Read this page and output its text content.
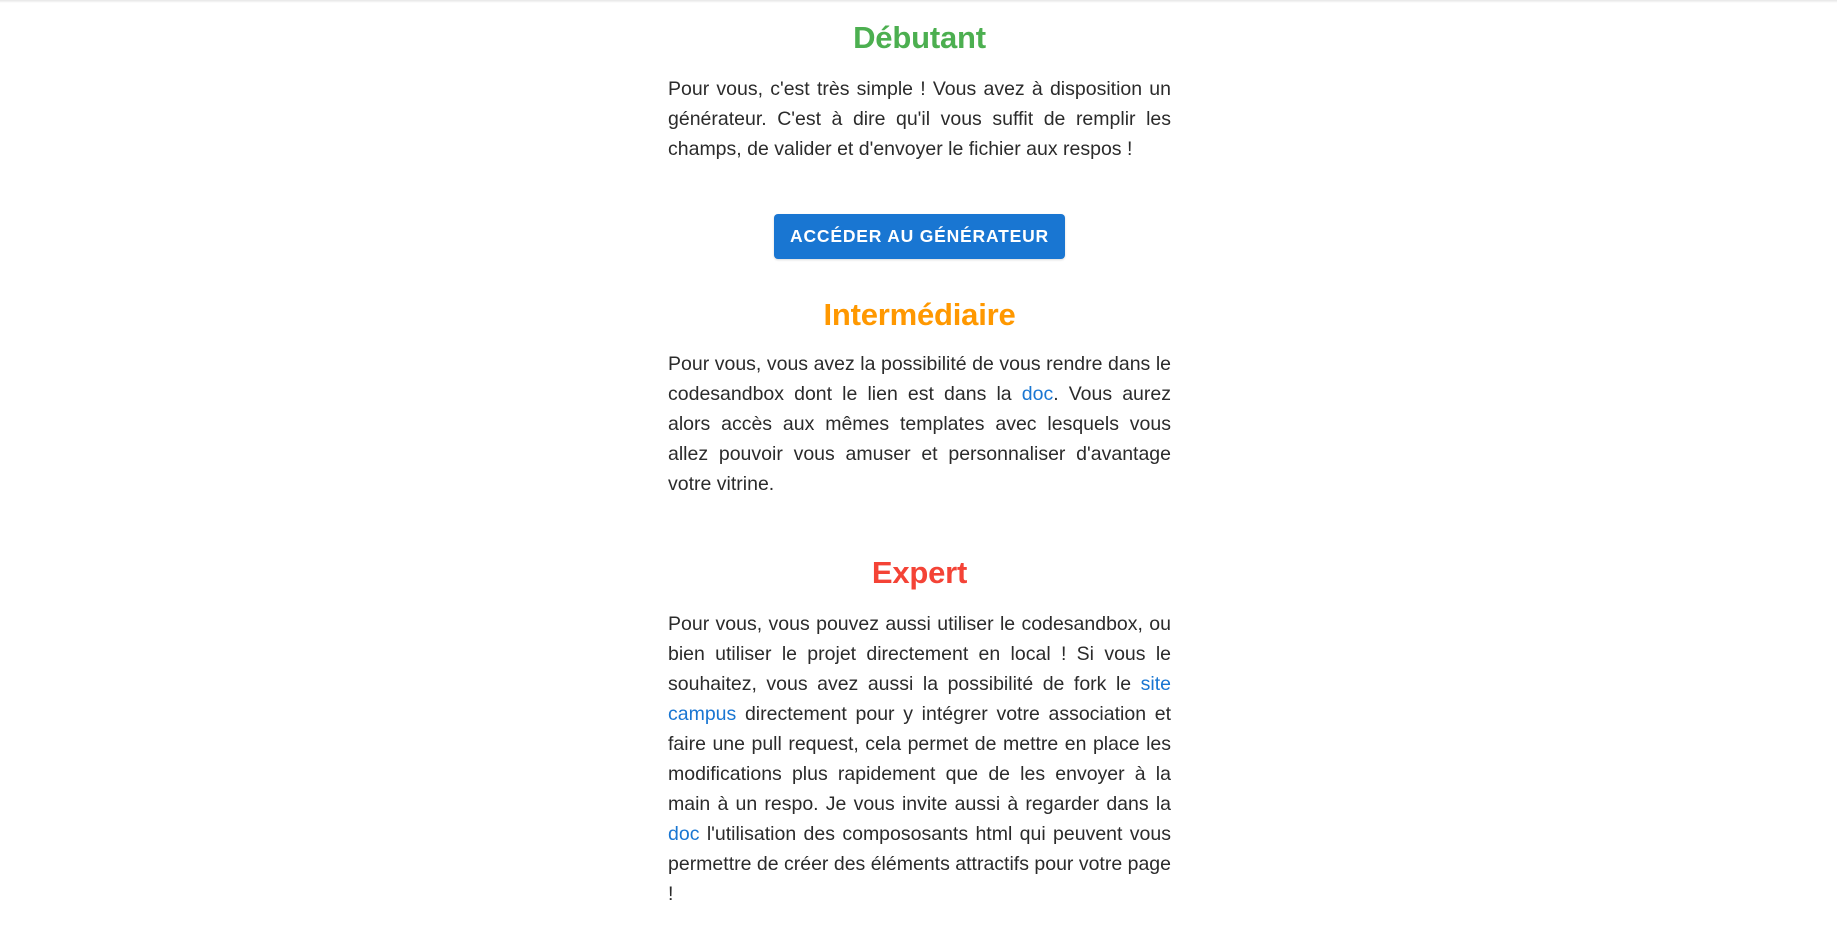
Débutant

Pour vous, c'est très simple ! Vous avez à disposition un générateur. C'est à dire qu'il vous suffit de remplir les champs, de valider et d'envoyer le fichier aux respos !

ACCÉDER AU GÉNÉRATEUR
Intermédiaire

Pour vous, vous avez la possibilité de vous rendre dans le codesandbox dont le lien est dans la doc. Vous aurez alors accès aux mêmes templates avec lesquels vous allez pouvoir vous amuser et personnaliser d'avantage votre vitrine.

Expert

Pour vous, vous pouvez aussi utiliser le codesandbox, ou bien utiliser le projet directement en local ! Si vous le souhaitez, vous avez aussi la possibilité de fork le site campus directement pour y intégrer votre association et faire une pull request, cela permet de mettre en place les modifications plus rapidement que de les envoyer à la main à un respo. Je vous invite aussi à regarder dans la doc l'utilisation des compososants html qui peuvent vous permettre de créer des éléments attractifs pour votre page !
